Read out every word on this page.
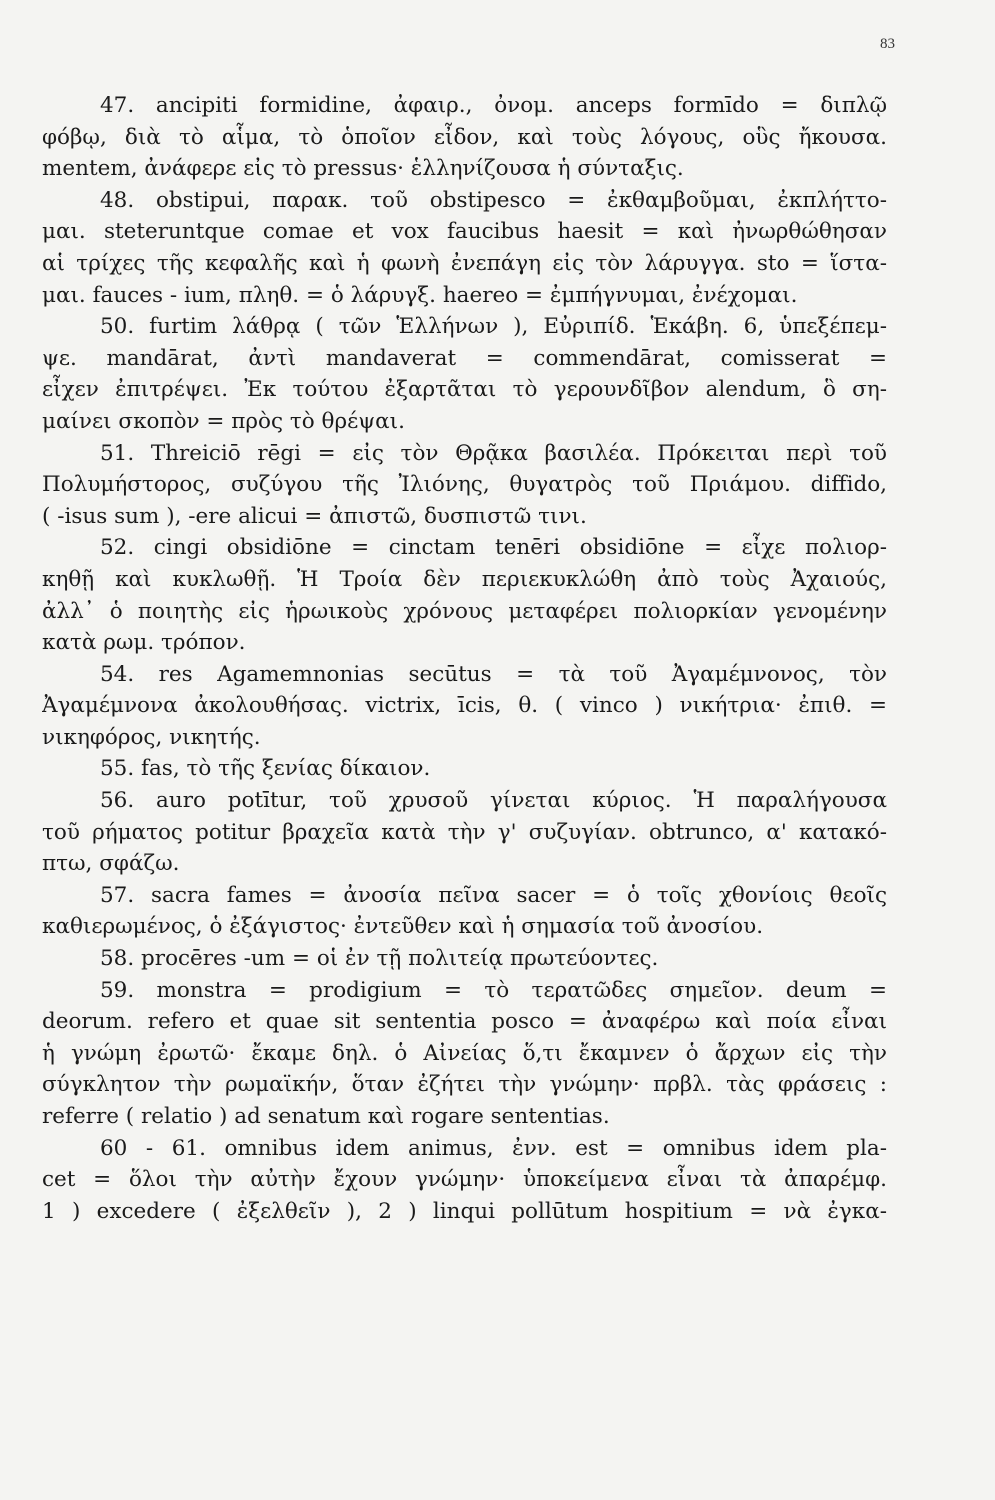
83
47. ancipiti formidine, ἀφαιρ., ὀνομ. anceps formīdo = διπλῷ
φόβῳ, διὰ τὸ αἷμα, τὸ ὁποῖον εἶδον, καὶ τοὺς λόγους, οὓς ἤκουσα.
mentem, ἀνάφερε εἰς τὸ pressus· ἑλληνίζουσα ἡ σύνταξις.
48. obstipui, παρακ. τοῦ obstipesco = ἐκθαμβοῦμαι, ἐκπλήττο-
μαι. steteruntque comae et vox faucibus haesit = καὶ ἠνωρθώθησαν
αἱ τρίχες τῆς κεφαλῆς καὶ ἡ φωνὴ ἐνεπάγη εἰς τὸν λάρυγγα. sto = ἵστα-
μαι. fauces - ium, πληθ. = ὁ λάρυγξ. haereo = ἐμπήγνυμαι, ἐνέχομαι.
50. furtim λάθρᾳ ( τῶν Ἑλλήνων ), Εὐριπίδ. Ἑκάβη. 6, ὑπεξέπεμ-
ψε. mandārat, ἀντὶ mandaverat = commendārat, comisserat =
εἶχεν ἐπιτρέψει. Ἐκ τούτου ἐξαρτᾶται τὸ γερουνδῖβον alendum, ὃ ση-
μαίνει σκοπὸν = πρὸς τὸ θρέψαι.
51. Threiciō rēgi = εἰς τὸν Θρᾷκα βασιλέα. Πρόκειται περὶ τοῦ
Πολυμήστορος, συζύγου τῆς Ἰλιόνης, θυγατρὸς τοῦ Πριάμου. diffido,
( -isus sum ), -ere alicui = ἀπιστῶ, δυσπιστῶ τινι.
52. cingi obsidiōne = cinctam tenēri obsidiōne = εἶχε πολιορ-
κηθῇ καὶ κυκλωθῇ. Ἡ Τροία δὲν περιεκυκλώθη ἀπὸ τοὺς Ἀχαιούς,
ἀλλ᾽ ὁ ποιητὴς εἰς ἡρωικοὺς χρόνους μεταφέρει πολιορκίαν γενομένην
κατὰ ρωμ. τρόπον.
54. res Agamemnonias secūtus = τὰ τοῦ Ἀγαμέμνονος, τὸν
Ἀγαμέμνονα ἀκολουθήσας. victrix, īcis, θ. ( vinco ) νικήτρια· ἐπιθ. =
νικηφόρος, νικητής.
55. fas, τὸ τῆς ξενίας δίκαιον.
56. auro potītur, τοῦ χρυσοῦ γίνεται κύριος. Ἡ παραλήγουσα
τοῦ ρήματος potitur βραχεῖα κατὰ τὴν γ' συζυγίαν. obtrunco, α' κατακό-
πτω, σφάζω.
57. sacra fames = ἀνοσία πεῖνα sacer = ὁ τοῖς χθονίοις θεοῖς
καθιερωμένος, ὁ ἐξάγιστος· ἐντεῦθεν καὶ ἡ σημασία τοῦ ἀνοσίου.
58. procēres -um = οἱ ἐν τῇ πολιτείᾳ πρωτεύοντες.
59. monstra = prodigium = τὸ τερατῶδες σημεῖον. deum =
deorum. refero et quae sit sententia posco = ἀναφέρω καὶ ποία εἶναι
ἡ γνώμη ἐρωτῶ· ἔκαμε δηλ. ὁ Αἰνείας ὅ,τι ἔκαμνεν ὁ ἄρχων εἰς τὴν
σύγκλητον τὴν ρωμαϊκήν, ὅταν ἐζήτει τὴν γνώμην· πρβλ. τὰς φράσεις :
referre ( relatio ) ad senatum καὶ rogare sententias.
60 - 61. omnibus idem animus, ἐνν. est = omnibus idem pla-
cet = ὅλοι τὴν αὐτὴν ἔχουν γνώμην· ὑποκείμενα εἶναι τὰ ἀπαρέμφ.
1 ) excedere ( ἐξελθεῖν ), 2 ) linqui pollūtum hospitium = νὰ ἐγκα-
